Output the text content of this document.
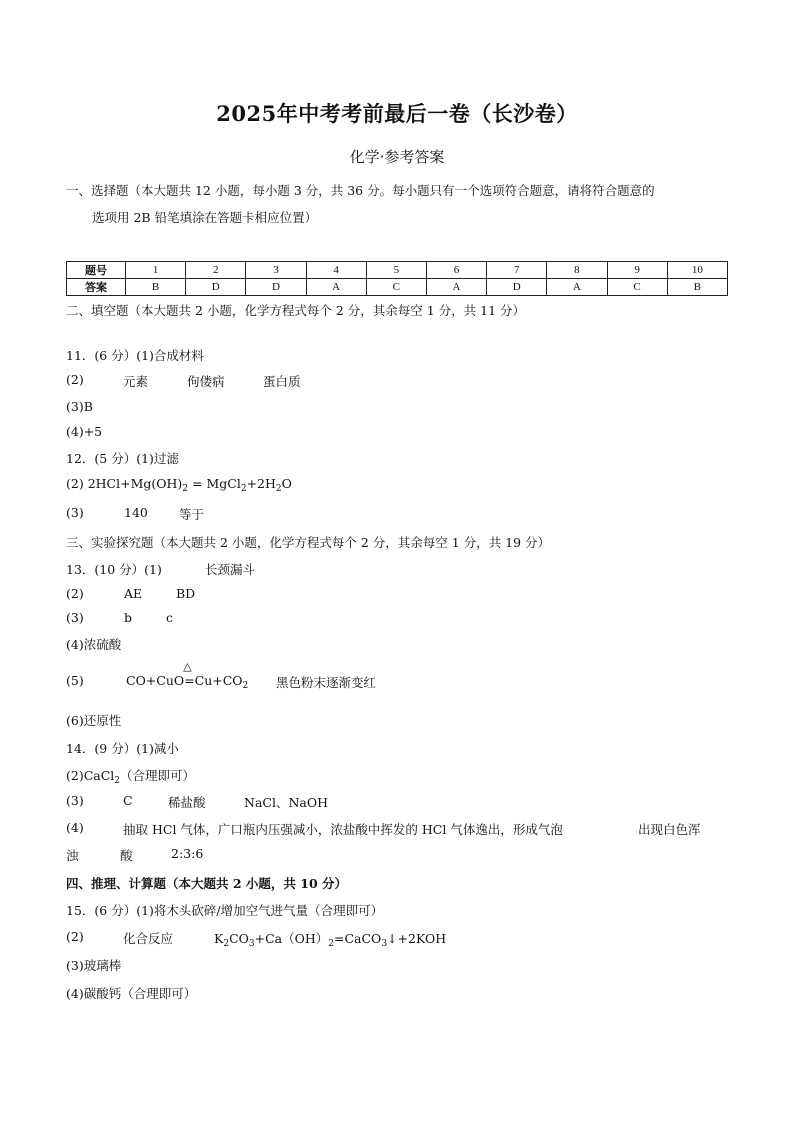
2025年中考考前最后一卷（长沙卷）
化学·参考答案
一、选择题（本大题共 12 小题，每小题 3 分，共 36 分。每小题只有一个选项符合题意，请将符合题意的
选项用 2B 铅笔填涂在答题卡相应位置）
题号	1	2	3	4	5	6	7	8	9	10
答案	B	D	D	A	C	A	D	A	C	B
二、填空题（本大题共 2 小题，化学方程式每个 2 分，其余每空 1 分，共 11 分）
11．(6 分）(1)合成材料
(2)	元素	佝偻病	蛋白质
(3)B
(4)+5
12．(5 分）(1)过滤
(2) $2HCl+Mg(OH)_2$ = $MgCl_2+2H_2O$
(3)	140 等于
三、实验探究题（本大题共 2 小题，化学方程式每个 2 分，其余每空 1 分，共 19 分）
13．(10 分）(1)	长颈漏斗
(2)	AE	BD
(3)	b	c
(4)浓硫酸
(5)	CO+CuO
△
$=Cu+CO_2$ 黑色粉末逐渐变红
(6)还原性
14．(9 分）(1)减小
(2)CaCl$_2$（合理即可）
(3)	C	稀盐酸	NaCl、NaOH
(4)	抽取 HCl 气体，广口瓶内压强减小，浓盐酸中挥发的 HCl 气体逸出，形成气泡	出现白色浑
浊	酸	2:3:6
四、推理、计算题（本大题共 2 小题，共 10 分）
15．(6 分）(1)将木头砍碎/增加空气进气量（合理即可）
(2)	化合反应	$K_2CO_3+Ca(OH)_2=CaCO_3↓+2KOH$
(3)玻璃棒
(4)碳酸钙（合理即可）
